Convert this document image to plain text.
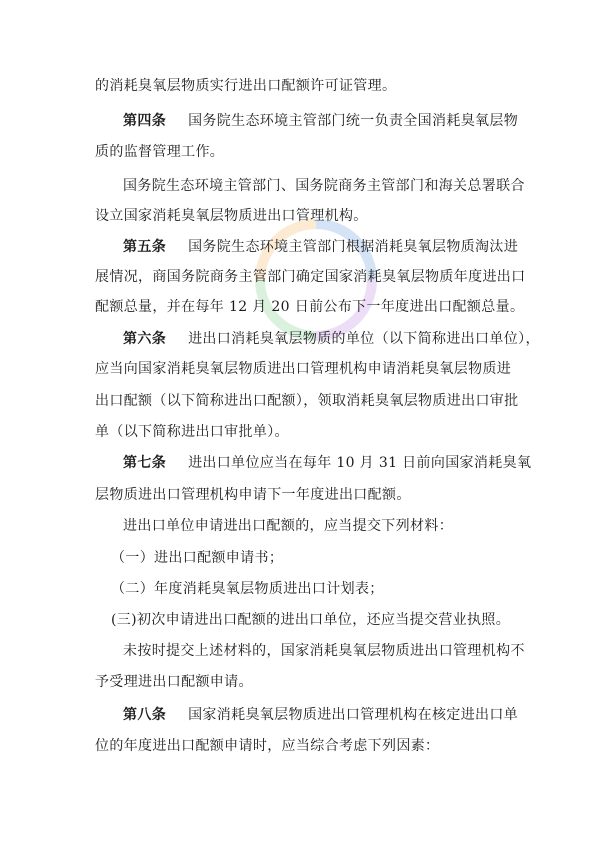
的消耗臭氧层物质实行进出口配额许可证管理。
第四条 国务院生态环境主管部门统一负责全国消耗臭氧层物
质的监督管理工作。
国务院生态环境主管部门、国务院商务主管部门和海关总署联合
设立国家消耗臭氧层物质进出口管理机构。
第五条 国务院生态环境主管部门根据消耗臭氧层物质淘汰进
展情况，商国务院商务主管部门确定国家消耗臭氧层物质年度进出口
配额总量，并在每年 12 月 20 日前公布下一年度进出口配额总量。
第六条 进出口消耗臭氧层物质的单位（以下简称进出口单位），
应当向国家消耗臭氧层物质进出口管理机构申请消耗臭氧层物质进
出口配额（以下简称进出口配额），领取消耗臭氧层物质进出口审批
单（以下简称进出口审批单）。
第七条 进出口单位应当在每年 10 月 31 日前向国家消耗臭氧
层物质进出口管理机构申请下一年度进出口配额。
进出口单位申请进出口配额的，应当提交下列材料：
（一）进出口配额申请书；
（二）年度消耗臭氧层物质进出口计划表；
(三)初次申请进出口配额的进出口单位，还应当提交营业执照。
未按时提交上述材料的，国家消耗臭氧层物质进出口管理机构不
予受理进出口配额申请。
第八条 国家消耗臭氧层物质进出口管理机构在核定进出口单
位的年度进出口配额申请时，应当综合考虑下列因素：
